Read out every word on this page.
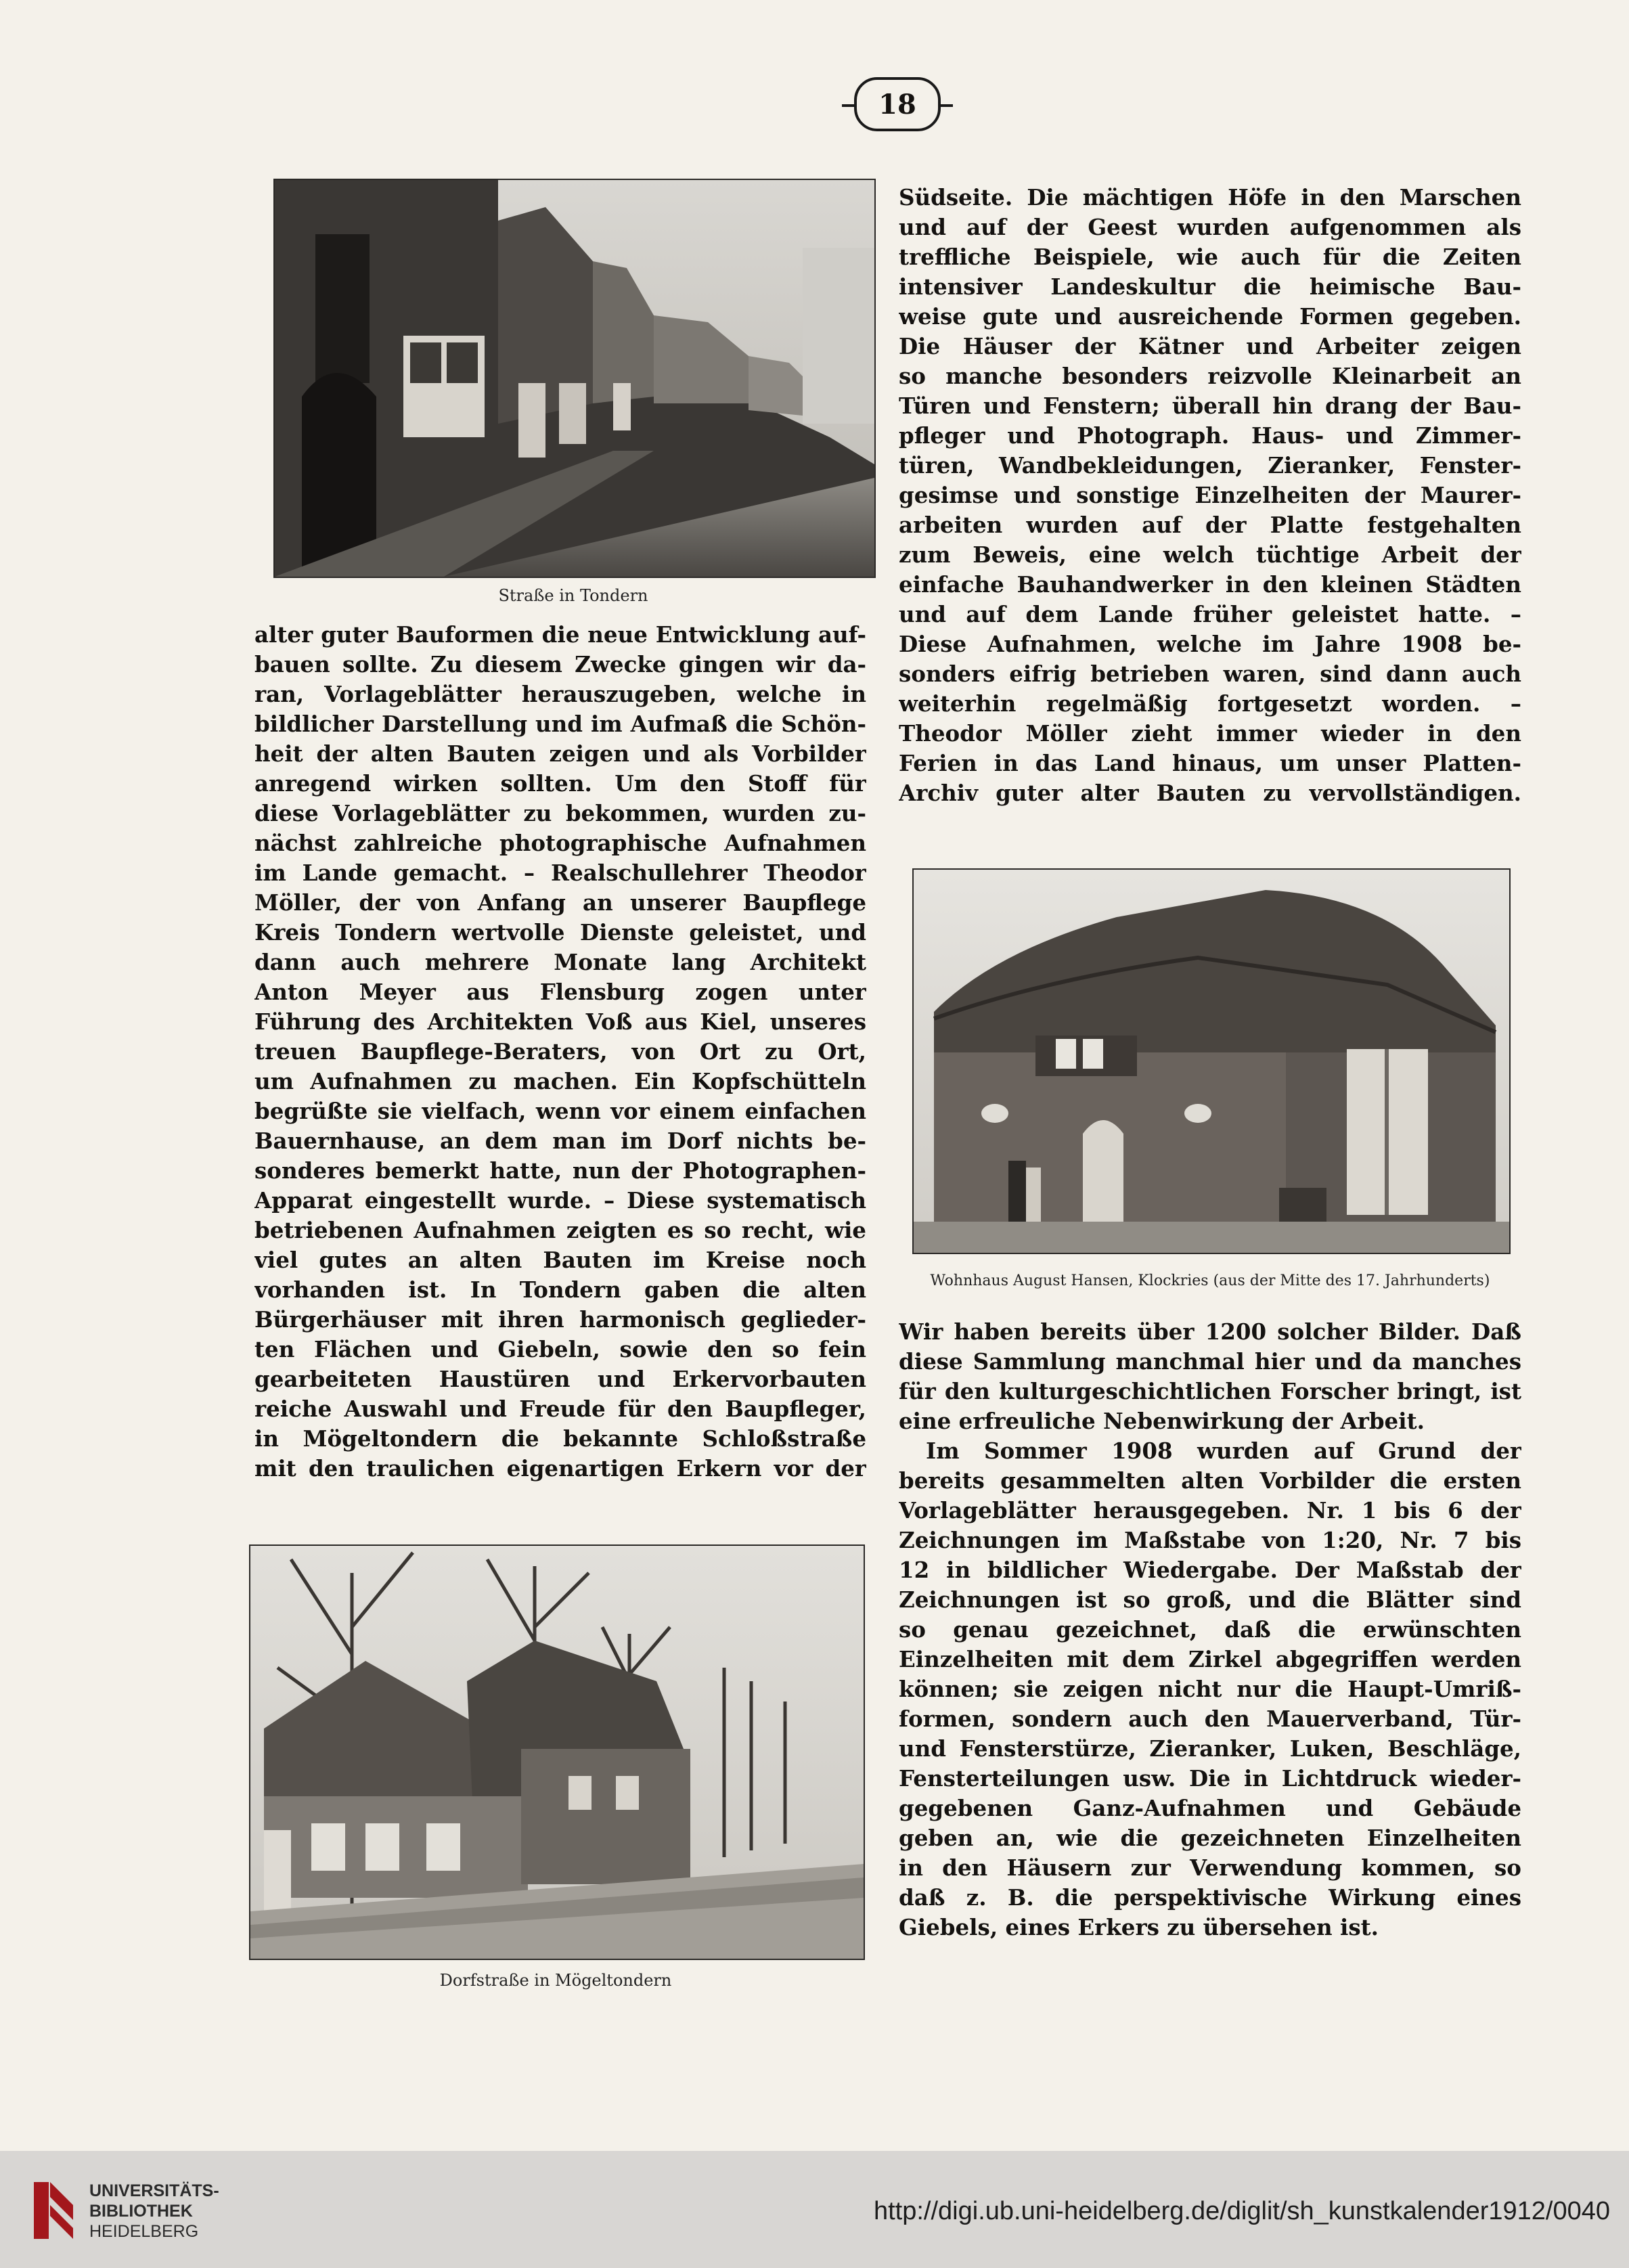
18
Straße in Tondern

alter guter Bauformen die neue Entwicklung auf-
bauen sollte. Zu diesem Zwecke gingen wir da-
ran, Vorlageblätter herauszugeben, welche in
bildlicher Darstellung und im Aufmaß die Schön-
heit der alten Bauten zeigen und als Vorbilder
anregend wirken sollten. Um den Stoff für
diese Vorlageblätter zu bekommen, wurden zu-
nächst zahlreiche photographische Aufnahmen
im Lande gemacht. – Realschullehrer Theodor
Möller, der von Anfang an unserer Baupflege
Kreis Tondern wertvolle Dienste geleistet, und
dann auch mehrere Monate lang Architekt
Anton Meyer aus Flensburg zogen unter
Führung des Architekten Voß aus Kiel, unseres
treuen Baupflege-Beraters, von Ort zu Ort,
um Aufnahmen zu machen. Ein Kopfschütteln
begrüßte sie vielfach, wenn vor einem einfachen
Bauernhause, an dem man im Dorf nichts be-
sonderes bemerkt hatte, nun der Photographen-
Apparat eingestellt wurde. – Diese systematisch
betriebenen Aufnahmen zeigten es so recht, wie
viel gutes an alten Bauten im Kreise noch
vorhanden ist. In Tondern gaben die alten
Bürgerhäuser mit ihren harmonisch geglieder-
ten Flächen und Giebeln, sowie den so fein
gearbeiteten Haustüren und Erkervorbauten
reiche Auswahl und Freude für den Baupfleger,
in Mögeltondern die bekannte Schloßstraße
mit den traulichen eigenartigen Erkern vor der

Südseite. Die mächtigen Höfe in den Marschen
und auf der Geest wurden aufgenommen als
treffliche Beispiele, wie auch für die Zeiten
intensiver Landeskultur die heimische Bau-
weise gute und ausreichende Formen gegeben.
Die Häuser der Kätner und Arbeiter zeigen
so manche besonders reizvolle Kleinarbeit an
Türen und Fenstern; überall hin drang der Bau-
pfleger und Photograph. Haus- und Zimmer-
türen, Wandbekleidungen, Zieranker, Fenster-
gesimse und sonstige Einzelheiten der Maurer-
arbeiten wurden auf der Platte festgehalten
zum Beweis, eine welch tüchtige Arbeit der
einfache Bauhandwerker in den kleinen Städten
und auf dem Lande früher geleistet hatte. –
Diese Aufnahmen, welche im Jahre 1908 be-
sonders eifrig betrieben waren, sind dann auch
weiterhin regelmäßig fortgesetzt worden. –
Theodor Möller zieht immer wieder in den
Ferien in das Land hinaus, um unser Platten-
Archiv guter alter Bauten zu vervollständigen.

Wohnhaus August Hansen, Klockries (aus der Mitte des 17. Jahrhunderts)

Wir haben bereits über 1200 solcher Bilder. Daß
diese Sammlung manchmal hier und da manches
für den kulturgeschichtlichen Forscher bringt, ist
eine erfreuliche Nebenwirkung der Arbeit.
Im Sommer 1908 wurden auf Grund der
bereits gesammelten alten Vorbilder die ersten
Vorlageblätter herausgegeben. Nr. 1 bis 6 der
Zeichnungen im Maßstabe von 1:20, Nr. 7 bis
12 in bildlicher Wiedergabe. Der Maßstab der
Zeichnungen ist so groß, und die Blätter sind
so genau gezeichnet, daß die erwünschten
Einzelheiten mit dem Zirkel abgegriffen werden
können; sie zeigen nicht nur die Haupt-Umriß-
formen, sondern auch den Mauerverband, Tür-
und Fensterstürze, Zieranker, Luken, Beschläge,
Fensterteilungen usw. Die in Lichtdruck wieder-
gegebenen Ganz-Aufnahmen und Gebäude
geben an, wie die gezeichneten Einzelheiten
in den Häusern zur Verwendung kommen, so
daß z. B. die perspektivische Wirkung eines
Giebels, eines Erkers zu übersehen ist.

Dorfstraße in Mögeltondern
UNIVERSITÄTS-
BIBLIOTHEK
HEIDELBERG
http://digi.ub.uni-heidelberg.de/diglit/sh_kunstkalender1912/0040
